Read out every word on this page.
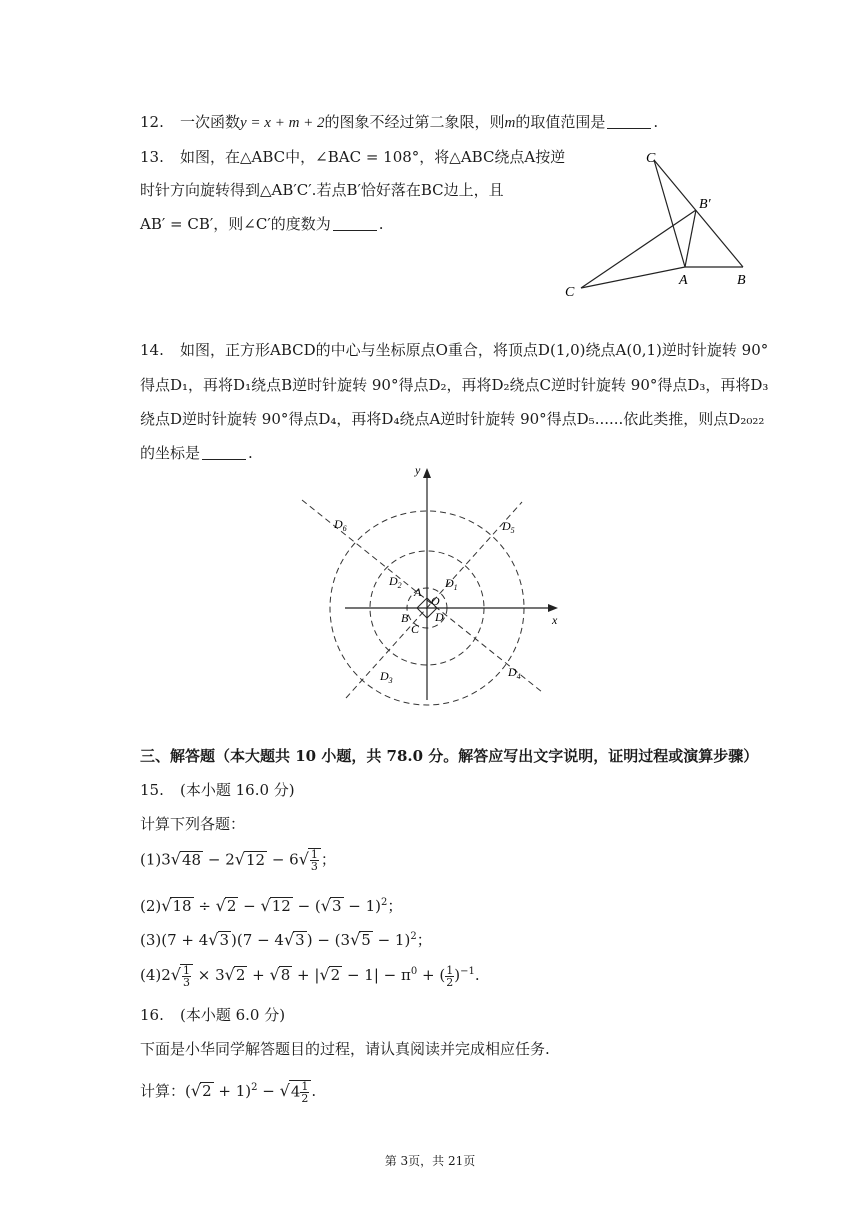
12. 一次函数y = x + m + 2的图象不经过第二象限，则m的取值范围是	.
13. 如图，在△ABC中，∠BAC = 108°，将△ABC绕点A按逆
时针方向旋转得到△AB′C′.若点B′恰好落在BC边上，且
AB′ = CB′，则∠C′的度数为	.
C
B′
A	B
C
14. 如图，正方形ABCD的中心与坐标原点O重合，将顶点D(1,0)绕点A(0,1)逆时针旋转 90°
得点D₁，再将D₁绕点B逆时针旋转 90°得点D₂，再将D₂绕点C逆时针旋转 90°得点D₃，再将D₃
绕点D逆时针旋转 90°得点D₄，再将D₄绕点A逆时针旋转 90°得点D₅......依此类推，则点D₂₀₂₂
的坐标是	.
y
x
O
A
B
C
D
$D_1$
$D_2$
$D_3$
$D_4$
$D_5$
$D_6$
三、解答题（本大题共 10 小题，共 78.0 分。解答应写出文字说明，证明过程或演算步骤）
15. (本小题 16.0 分)
计算下列各题：
$(1)3√48 - 2√12 - 6√ \frac{1}{3}$ ；
$(2)√18 \div √2 - √12 - (√3 - 1)^2$；
(3)(7 + 4√3 )(7 − 4√3 ) − $(3√5 - 1)^2$；
$(4)2√ \frac{1}{3} \times 3√2 + √8 + |√2 - 1| - \pi^0$ + ( $\frac{1}{2} )^{-1}$.
16. (本小题 6.0 分)
下面是小华同学解答题目的过程，请认真阅读并完成相应任务.
计算：$(√2 + 1)^2 - √4 \frac{1}{2}$ .
第 3页，共 21页
